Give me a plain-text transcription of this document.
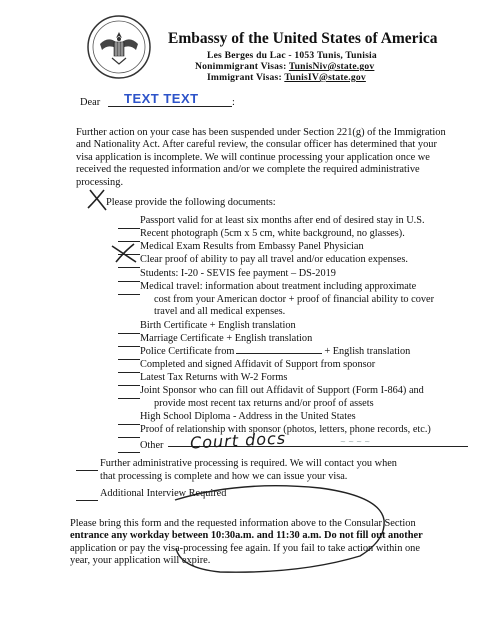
Embassy of the United States of America
Les Berges du Lac - 1053 Tunis, Tunisia
Nonimmigrant Visas: TunisNiv@state.gov
Immigrant Visas: TunisIV@state.gov
Dear TEXT TEXT	:
Further action on your case has been suspended under Section 221(g) of the Immigration
and Nationality Act. After careful review, the consular officer has determined that your
visa application is incomplete. We will continue processing your application once we
received the requested information and/or we complete the required administrative
processing.
Please provide the following documents:
Passport valid for at least six months after end of desired stay in U.S.
Recent photograph (5cm x 5 cm, white background, no glasses).
Medical Exam Results from Embassy Panel Physician
Clear proof of ability to pay all travel and/or education expenses.
Students: I-20 - SEVIS fee payment – DS-2019
Medical travel: information about treatment including approximate
cost from your American doctor + proof of financial ability to cover
travel and all medical expenses.
Birth Certificate + English translation
Marriage Certificate + English translation
Police Certificate from	+ English translation
Completed and signed Affidavit of Support from sponsor
Latest Tax Returns with W-2 Forms
Joint Sponsor who can fill out Affidavit of Support (Form I-864) and
provide most recent tax returns and/or proof of assets
High School Diploma - Address in the United States
Proof of relationship with sponsor (photos, letters, phone records, etc.)
Other Court docs	~ ~ ~ ~
Further administrative processing is required. We will contact you when
that processing is complete and how we can issue your visa.
Additional Interview Required
Please bring this form and the requested information above to the Consular Section
entrance any workday between 10:30a.m. and 11:30 a.m. Do not fill out another
application or pay the visa-processing fee again. If you fail to take action within one
year, your application will expire.
